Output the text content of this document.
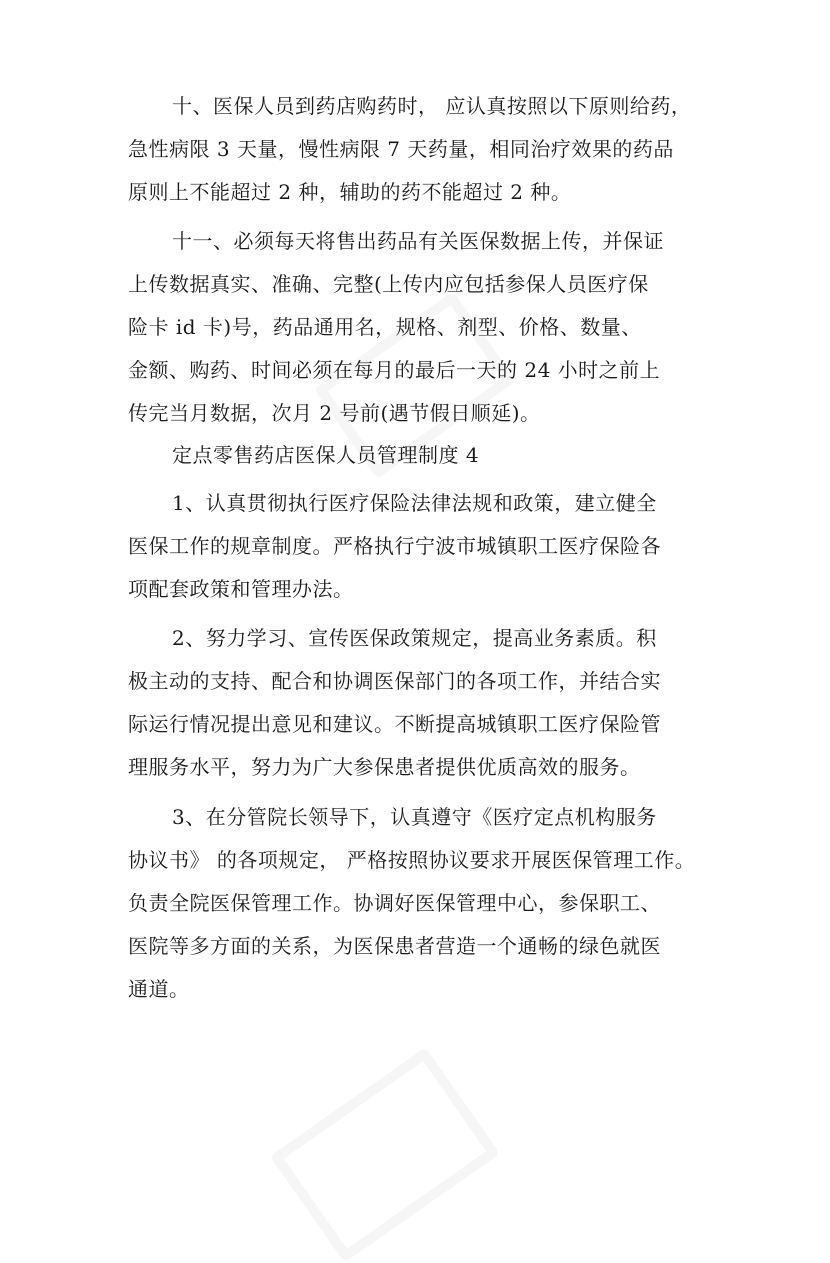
十、医保人员到药店购药时， 应认真按照以下原则给药，
急性病限 3 天量，慢性病限 7 天药量，相同治疗效果的药品
原则上不能超过 2 种，辅助的药不能超过 2 种。
十一、必须每天将售出药品有关医保数据上传，并保证
上传数据真实、准确、完整(上传内应包括参保人员医疗保
险卡 id 卡)号，药品通用名，规格、剂型、价格、数量、
金额、购药、时间必须在每月的最后一天的 24 小时之前上
传完当月数据，次月 2 号前(遇节假日顺延)。
定点零售药店医保人员管理制度 4
1、认真贯彻执行医疗保险法律法规和政策，建立健全
医保工作的规章制度。严格执行宁波市城镇职工医疗保险各
项配套政策和管理办法。
2、努力学习、宣传医保政策规定，提高业务素质。积
极主动的支持、配合和协调医保部门的各项工作，并结合实
际运行情况提出意见和建议。不断提高城镇职工医疗保险管
理服务水平，努力为广大参保患者提供优质高效的服务。
3、在分管院长领导下，认真遵守《医疗定点机构服务
协议书》 的各项规定， 严格按照协议要求开展医保管理工作。
负责全院医保管理工作。协调好医保管理中心，参保职工、
医院等多方面的关系，为医保患者营造一个通畅的绿色就医
通道。
